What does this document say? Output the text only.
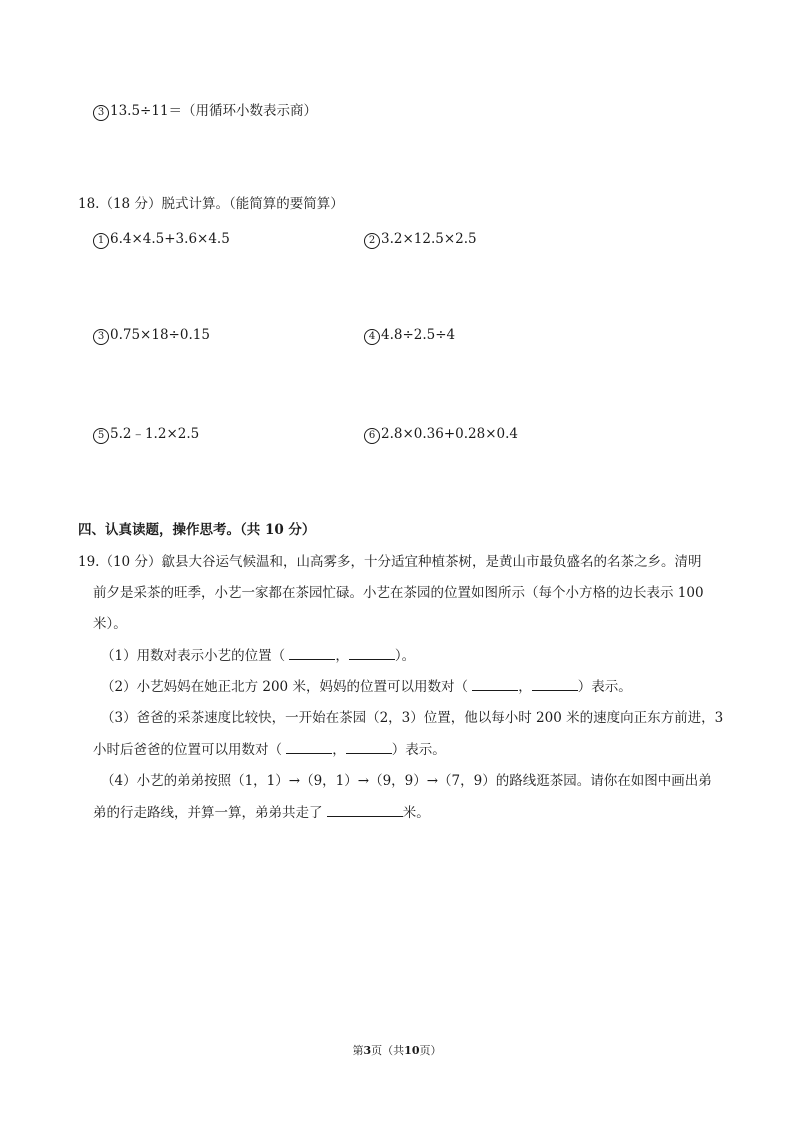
3 13.5÷11＝（用循环小数表示商）
18.（18 分）脱式计算。（能简算的要简算）
1 6.4×4.5+3.6×4.5	2 3.2×12.5×2.5
3 0.75×18÷0.15	4 4.8÷2.5÷4
5 5.2﹣1.2×2.5	6 2.8×0.36+0.28×0.4
四、认真读题，操作思考。（共 10 分）
19.（10 分）歙县大谷运气候温和，山高雾多，十分适宜种植茶树，是黄山市最负盛名的名茶之乡。清明
前夕是采茶的旺季，小艺一家都在茶园忙碌。小艺在茶园的位置如图所示（每个小方格的边长表示 100
米）。
（1）用数对表示小艺的位置（	，	）。
（2）小艺妈妈在她正北方 200 米，妈妈的位置可以用数对（	，	）表示。
（3）爸爸的采茶速度比较快，一开始在茶园（2，3）位置，他以每小时 200 米的速度向正东方前进，3
小时后爸爸的位置可以用数对（	，	）表示。
（4）小艺的弟弟按照（1，1）→（9，1）→（9，9）→（7，9）的路线逛茶园。请你在如图中画出弟
弟的行走路线，并算一算，弟弟共走了	米。
第3页（共10页）
